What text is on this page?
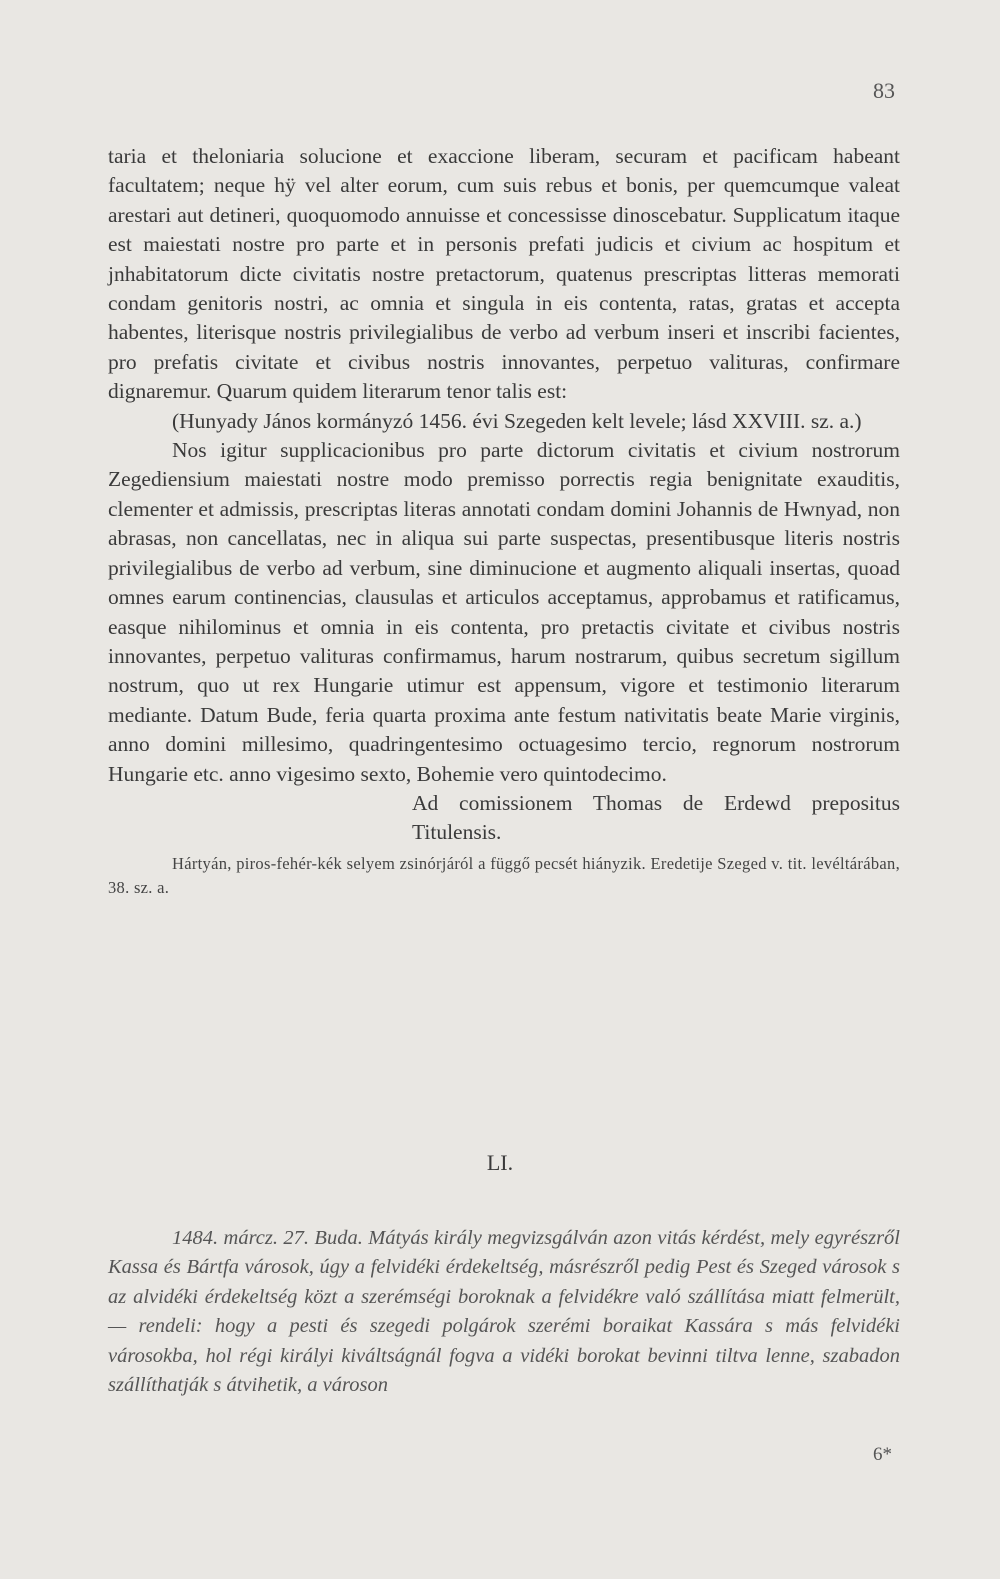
83

taria et theloniaria solucione et exaccione liberam, securam et pacificam habeant facultatem; neque hÿ vel alter eorum, cum suis rebus et bonis, per quemcumque valeat arestari aut detineri, quoquomodo annuisse et concessisse dinoscebatur. Supplicatum itaque est maiestati nostre pro parte et in personis prefati judicis et civium ac hospitum et jnhabitatorum dicte civitatis nostre pretactorum, quatenus prescriptas litteras memorati condam genitoris nostri, ac omnia et singula in eis contenta, ratas, gratas et accepta habentes, literisque nostris privilegialibus de verbo ad verbum inseri et inscribi facientes, pro prefatis civitate et civibus nostris innovantes, perpetuo valituras, confirmare dignaremur. Quarum quidem literarum tenor talis est:

(Hunyady János kormányzó 1456. évi Szegeden kelt levele; lásd XXVIII. sz. a.)

Nos igitur supplicacionibus pro parte dictorum civitatis et civium nostrorum Zegediensium maiestati nostre modo premisso porrectis regia benignitate exauditis, clementer et admissis, prescriptas literas annotati condam domini Johannis de Hwnyad, non abrasas, non cancellatas, nec in aliqua sui parte suspectas, presentibusque literis nostris privilegialibus de verbo ad verbum, sine diminucione et augmento aliquali insertas, quoad omnes earum continencias, clausulas et articulos acceptamus, approbamus et ratificamus, easque nihilominus et omnia in eis contenta, pro pretactis civitate et civibus nostris innovantes, perpetuo valituras confirmamus, harum nostrarum, quibus secretum sigillum nostrum, quo ut rex Hungarie utimur est appensum, vigore et testimonio literarum mediante. Datum Bude, feria quarta proxima ante festum nativitatis beate Marie virginis, anno domini millesimo, quadringentesimo octuagesimo tercio, regnorum nostrorum Hungarie etc. anno vigesimo sexto, Bohemie vero quintodecimo.

Ad comissionem Thomas de Erdewd prepositus Titulensis.

Hártyán, piros-fehér-kék selyem zsinórjáról a függő pecsét hiányzik. Eredetije Szeged v. tit. levéltárában, 38. sz. a.

LI.

1484. márcz. 27. Buda. Mátyás király megvizsgálván azon vitás kérdést, mely egyrészről Kassa és Bártfa városok, úgy a felvidéki érdekeltség, másrészről pedig Pest és Szeged városok s az alvidéki érdekeltség közt a szerémségi boroknak a felvidékre való szállítása miatt felmerült, — rendeli: hogy a pesti és szegedi polgárok szerémi boraikat Kassára s más felvidéki városokba, hol régi királyi kiváltságnál fogva a vidéki borokat bevinni tiltva lenne, szabadon szállíthatják s átvihetik, a városon

6*
